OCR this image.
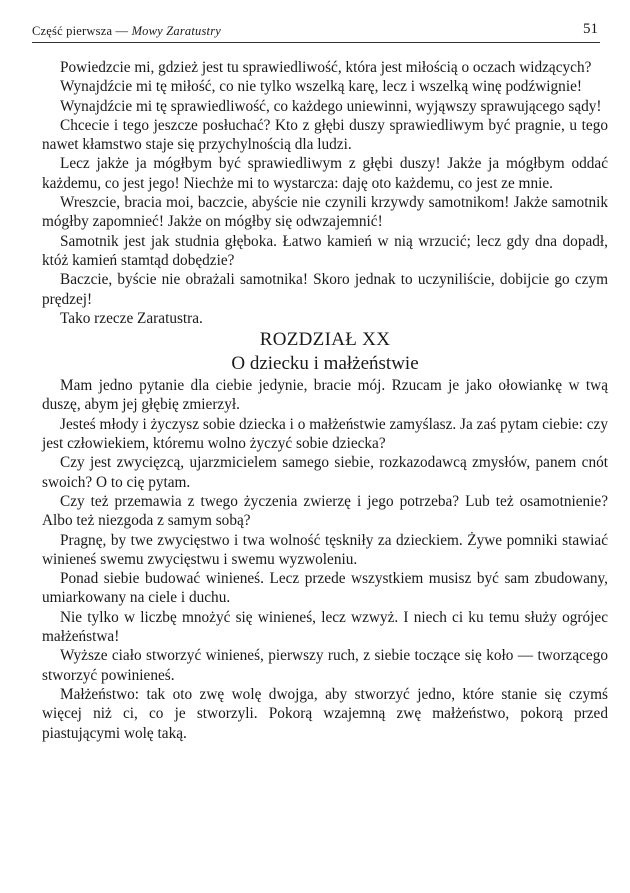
Część pierwsza — Mowy Zaratustry	51

Powiedzcie mi, gdzież jest tu sprawiedliwość, która jest miłością o oczach widzących?

Wynajdźcie mi tę miłość, co nie tylko wszelką karę, lecz i wszelką winę podźwignie!

Wynajdźcie mi tę sprawiedliwość, co każdego uniewinni, wyjąwszy sprawującego sądy!

Chcecie i tego jeszcze posłuchać? Kto z głębi duszy sprawiedliwym być pragnie, u tego nawet kłamstwo staje się przychylnością dla ludzi.

Lecz jakże ja mógłbym być sprawiedliwym z głębi duszy! Jakże ja mógłbym oddać każdemu, co jest jego! Niechże mi to wystarcza: daję oto każdemu, co jest ze mnie.

Wreszcie, bracia moi, baczcie, abyście nie czynili krzywdy samotnikom! Jakże samotnik mógłby zapomnieć! Jakże on mógłby się odwzajemnić!

Samotnik jest jak studnia głęboka. Łatwo kamień w nią wrzucić; lecz gdy dna dopadł, któż kamień stamtąd dobędzie?

Baczcie, byście nie obrażali samotnika! Skoro jednak to uczyniliście, dobijcie go czym prędzej!

Tako rzecze Zaratustra.

ROZDZIAŁ XX

O dziecku i małżeństwie

Mam jedno pytanie dla ciebie jedynie, bracie mój. Rzucam je jako ołowiankę w twą duszę, abym jej głębię zmierzył.

Jesteś młody i życzysz sobie dziecka i o małżeństwie zamyślasz. Ja zaś pytam ciebie: czy jest człowiekiem, któremu wolno życzyć sobie dziecka?

Czy jest zwycięzcą, ujarzmicielem samego siebie, rozkazodawcą zmysłów, panem cnót swoich? O to cię pytam.

Czy też przemawia z twego życzenia zwierzę i jego potrzeba? Lub też osamotnienie? Albo też niezgoda z samym sobą?

Pragnę, by twe zwycięstwo i twa wolność tęskniły za dzieckiem. Żywe pomniki stawiać winieneś swemu zwycięstwu i swemu wyzwoleniu.

Ponad siebie budować winieneś. Lecz przede wszystkiem musisz być sam zbudowany, umiarkowany na ciele i duchu.

Nie tylko w liczbę mnożyć się winieneś, lecz wzwyż. I niech ci ku temu służy ogrójec małżeństwa!

Wyższe ciało stworzyć winieneś, pierwszy ruch, z siebie toczące się koło — tworzącego stworzyć powinieneś.

Małżeństwo: tak oto zwę wolę dwojga, aby stworzyć jedno, które stanie się czymś więcej niż ci, co je stworzyli. Pokorą wzajemną zwę małżeństwo, pokorą przed piastującymi wolę taką.
